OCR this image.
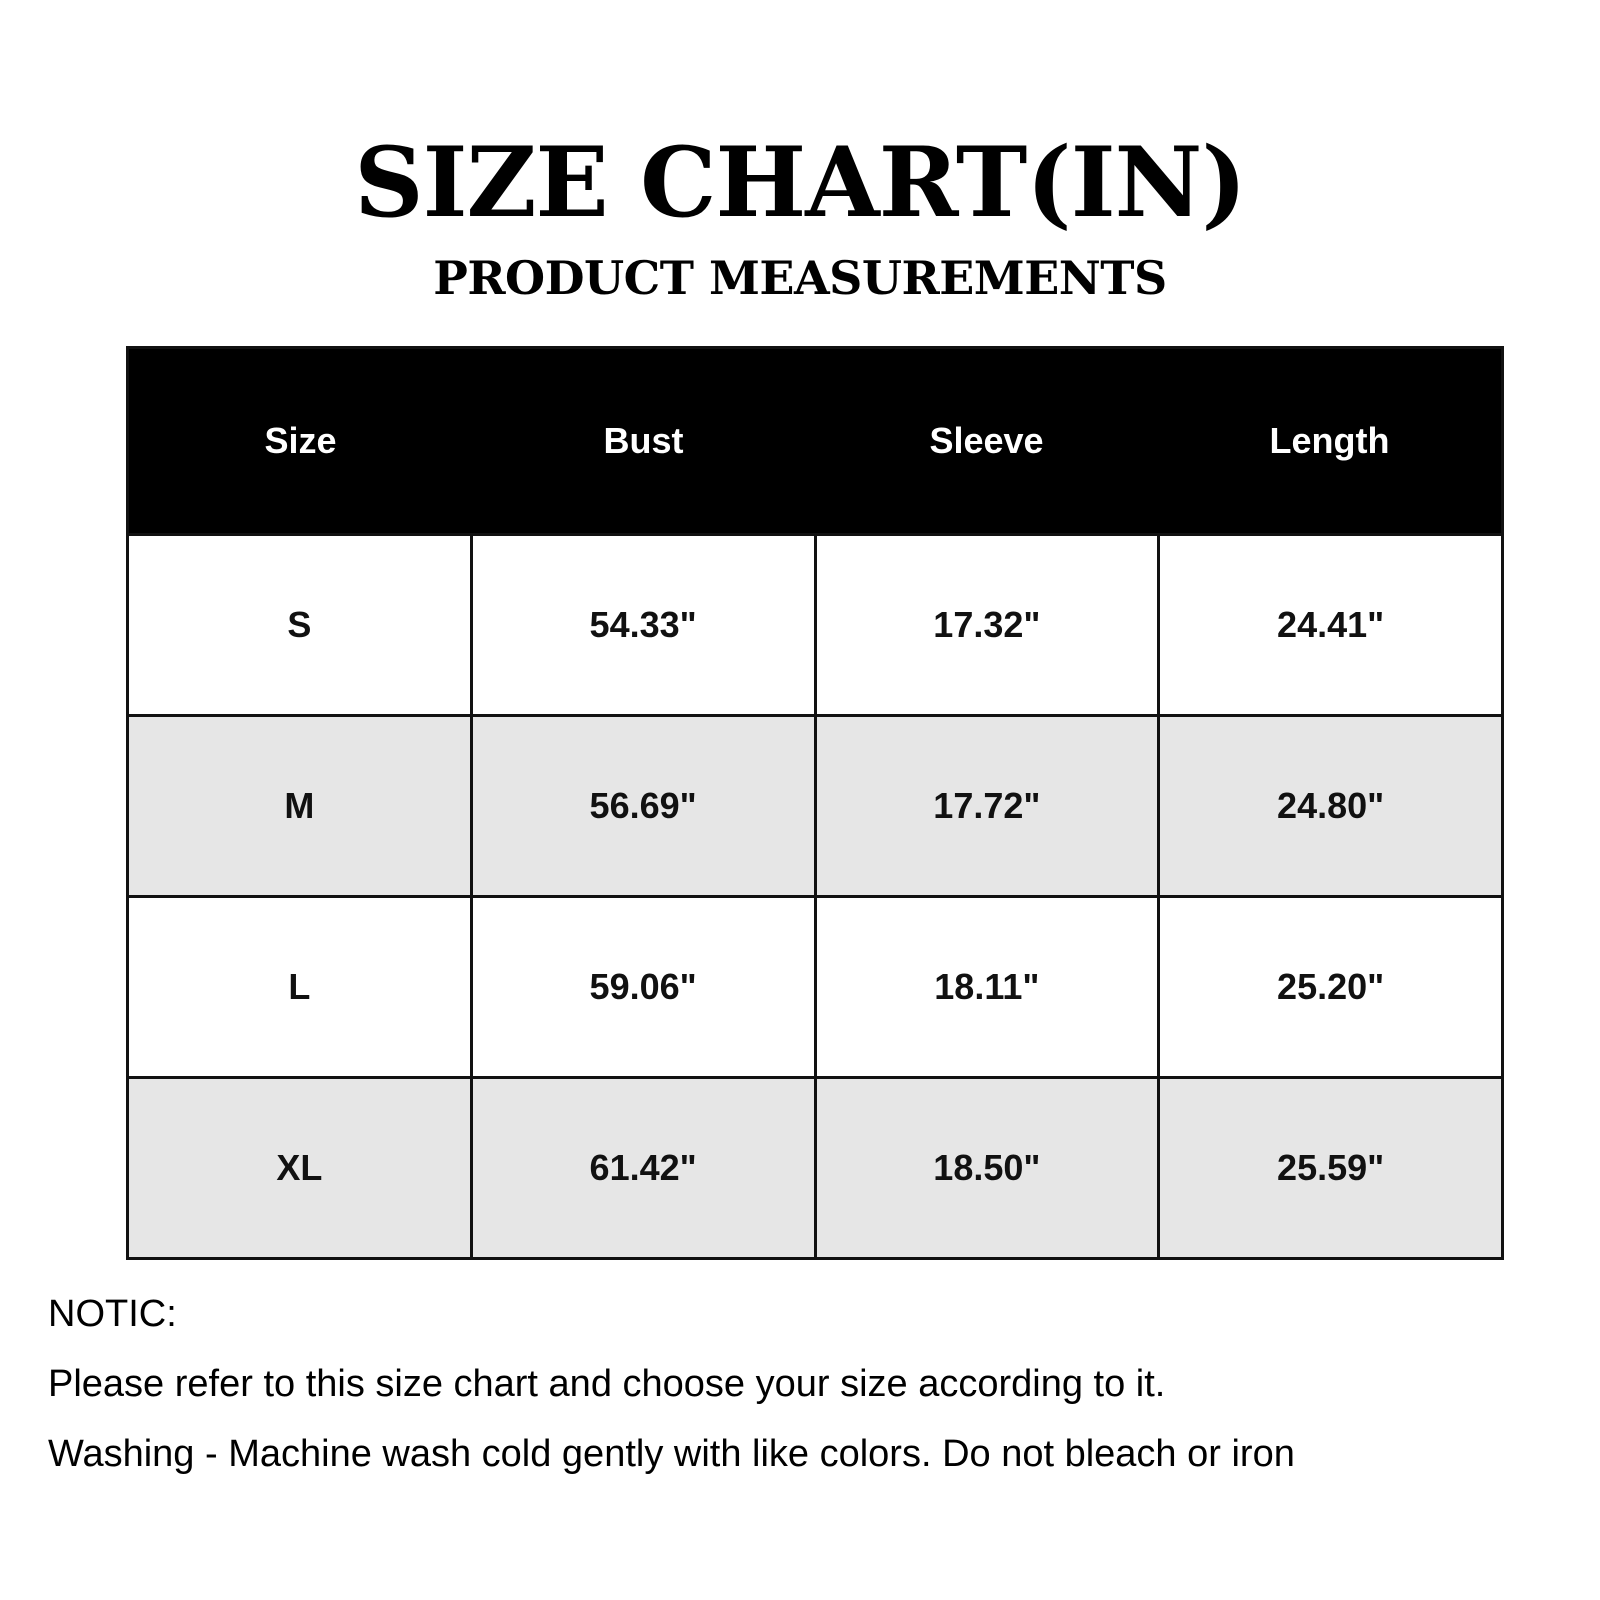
SIZE CHART(IN)
PRODUCT MEASUREMENTS
Size	Bust	Sleeve	Length
S	54.33"	17.32"	24.41"
M	56.69"	17.72"	24.80"
L	59.06"	18.11"	25.20"
XL	61.42"	18.50"	25.59"
NOTIC:
Please refer to this size chart and choose your size according to it.
Washing - Machine wash cold gently with like colors. Do not bleach or iron
